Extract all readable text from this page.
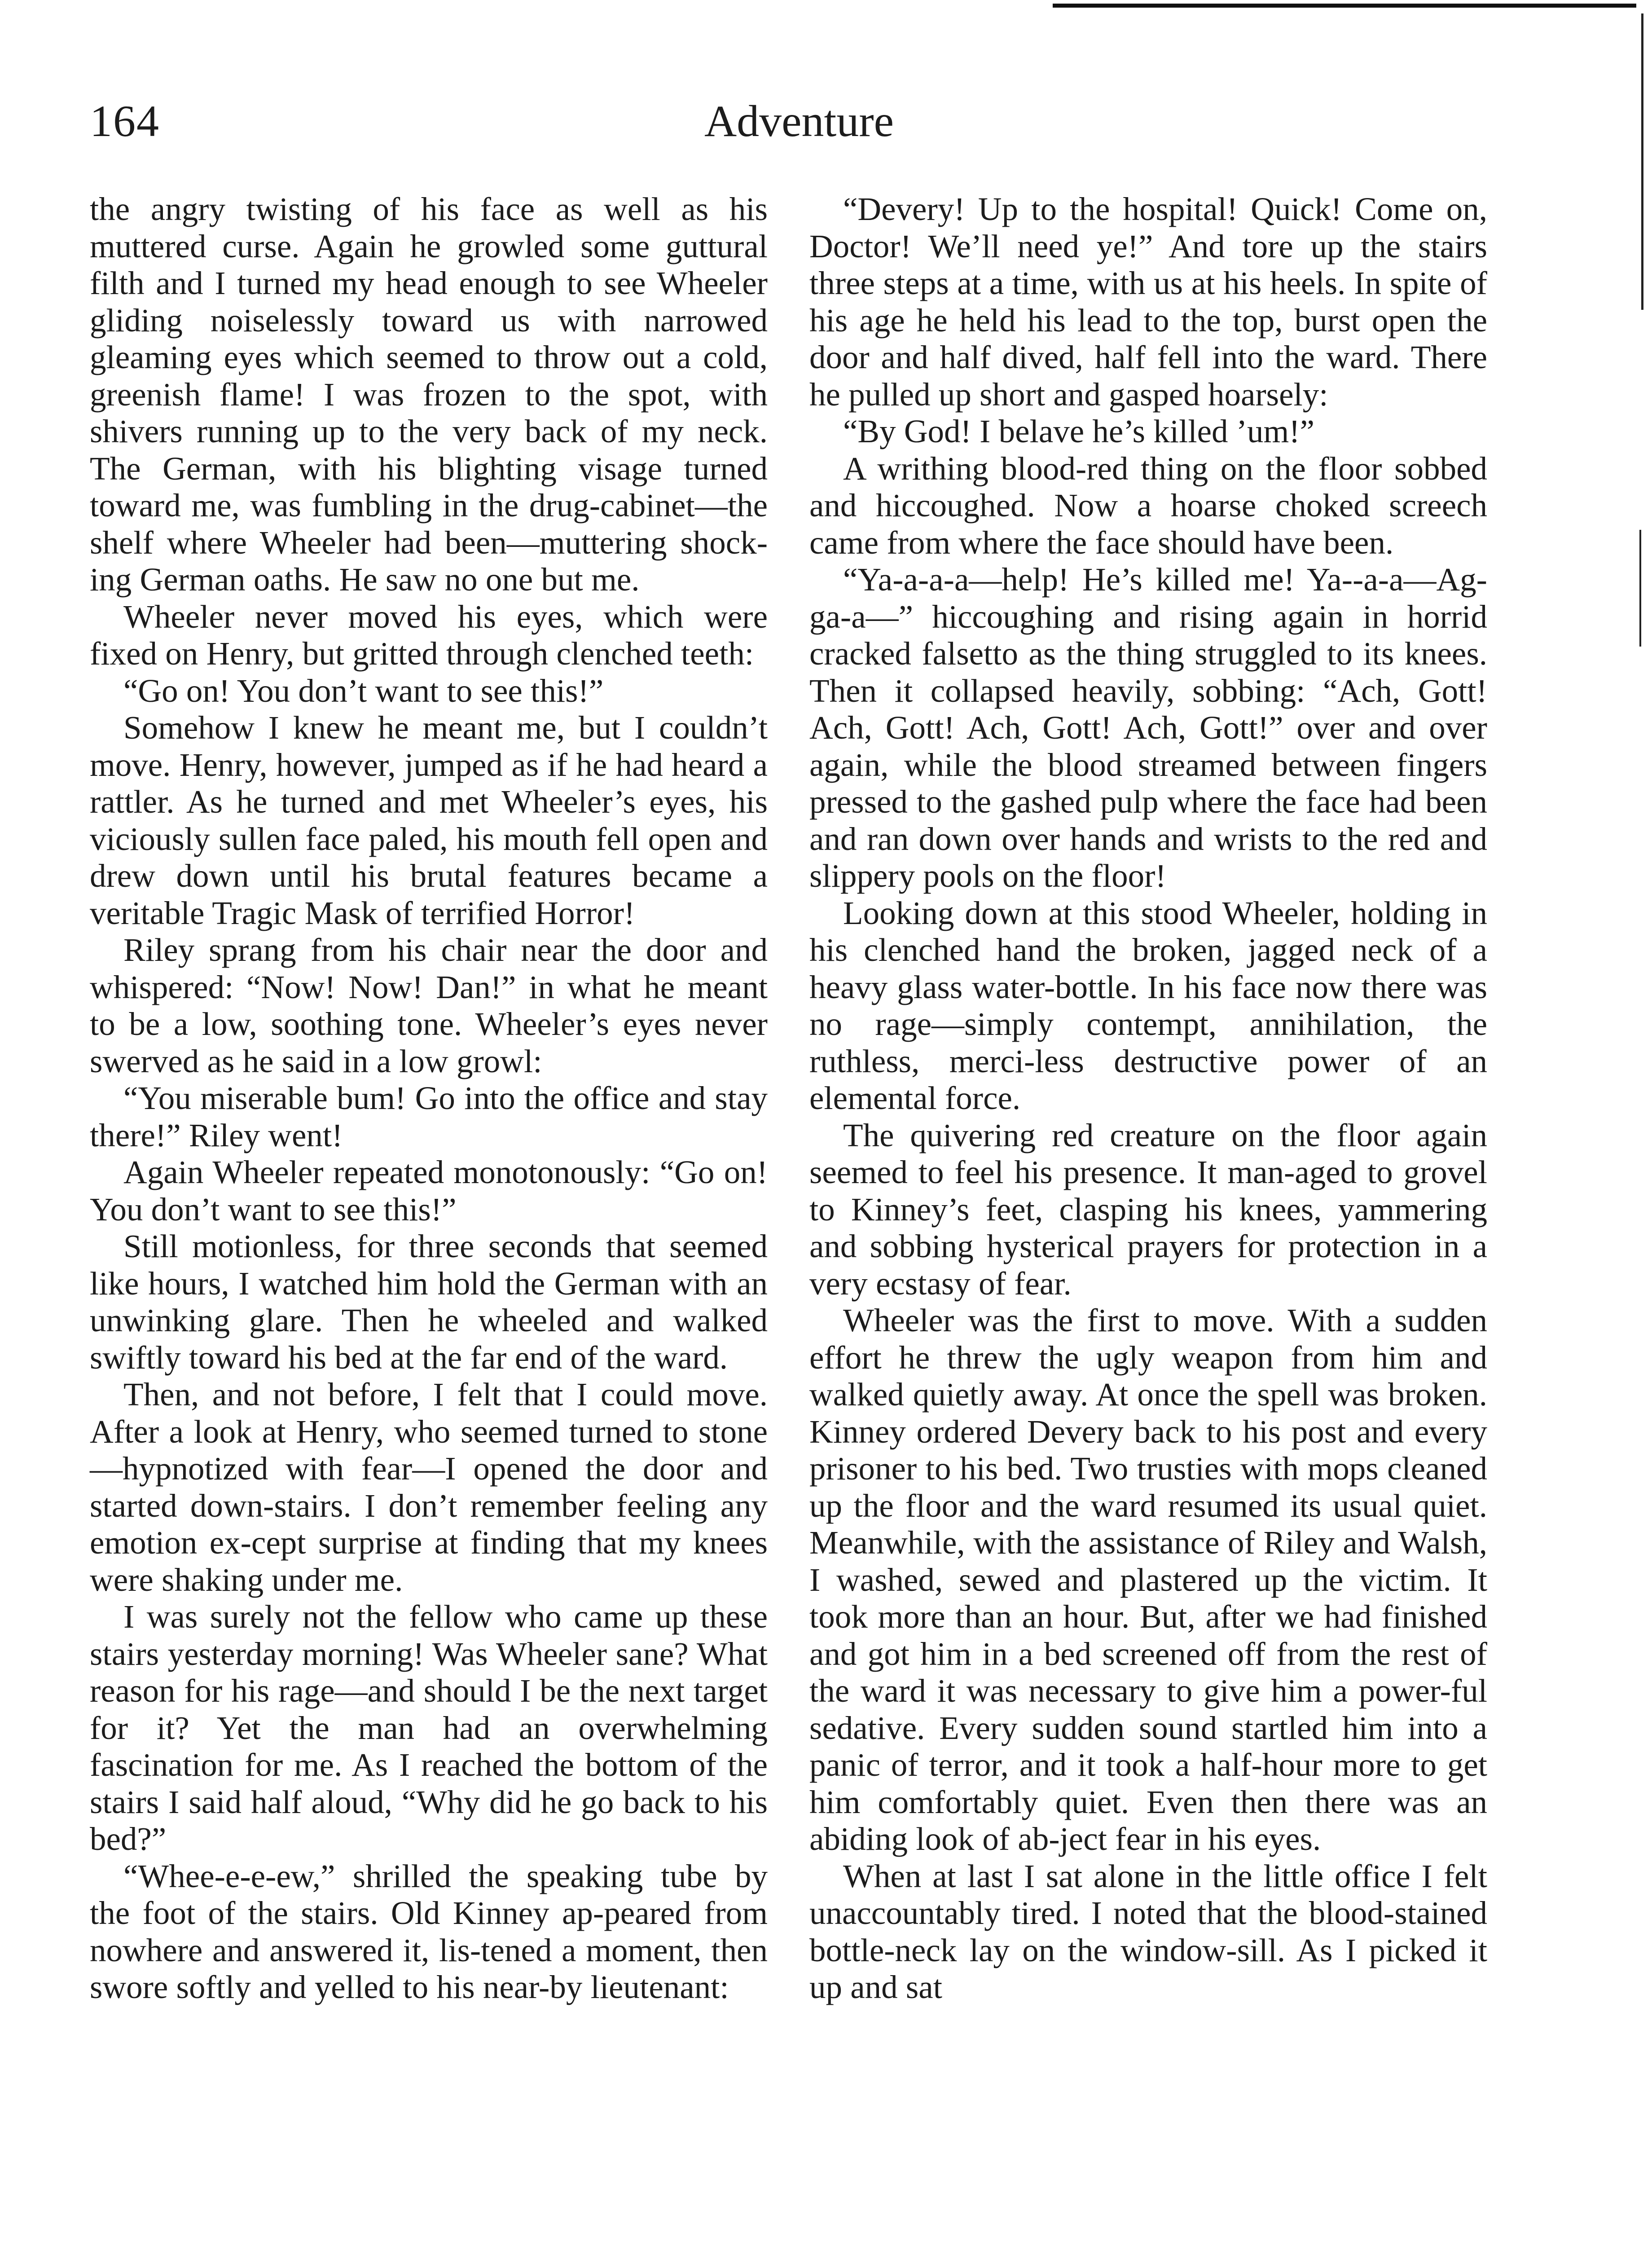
164	Adventure

the angry twisting of his face as well as his muttered curse. Again he growled some guttural filth and I turned my head enough to see Wheeler gliding noiselessly toward us with narrowed gleaming eyes which seemed to throw out a cold, greenish flame! I was frozen to the spot, with shivers running up to the very back of my neck. The German, with his blighting visage turned toward me, was fumbling in the drug-cabinet—the shelf where Wheeler had been—muttering shock-ing German oaths. He saw no one but me.

Wheeler never moved his eyes, which were fixed on Henry, but gritted through clenched teeth:

“Go on! You don’t want to see this!”

Somehow I knew he meant me, but I couldn’t move. Henry, however, jumped as if he had heard a rattler. As he turned and met Wheeler’s eyes, his viciously sullen face paled, his mouth fell open and drew down until his brutal features became a veritable Tragic Mask of terrified Horror!

Riley sprang from his chair near the door and whispered: “Now! Now! Dan!” in what he meant to be a low, soothing tone. Wheeler’s eyes never swerved as he said in a low growl:

“You miserable bum! Go into the office and stay there!” Riley went!

Again Wheeler repeated monotonously: “Go on! You don’t want to see this!”

Still motionless, for three seconds that seemed like hours, I watched him hold the German with an unwinking glare. Then he wheeled and walked swiftly toward his bed at the far end of the ward.

Then, and not before, I felt that I could move. After a look at Henry, who seemed turned to stone—hypnotized with fear—I opened the door and started down-stairs. I don’t remember feeling any emotion ex-cept surprise at finding that my knees were shaking under me.

I was surely not the fellow who came up these stairs yesterday morning! Was Wheeler sane? What reason for his rage—and should I be the next target for it? Yet the man had an overwhelming fascination for me. As I reached the bottom of the stairs I said half aloud, “Why did he go back to his bed?”

“Whee-e-e-ew,” shrilled the speaking tube by the foot of the stairs. Old Kinney ap-peared from nowhere and answered it, lis-tened a moment, then swore softly and yelled to his near-by lieutenant:

“Devery! Up to the hospital! Quick! Come on, Doctor! We’ll need ye!” And tore up the stairs three steps at a time, with us at his heels. In spite of his age he held his lead to the top, burst open the door and half dived, half fell into the ward. There he pulled up short and gasped hoarsely:

“By God! I belave he’s killed ’um!”

A writhing blood-red thing on the floor sobbed and hiccoughed. Now a hoarse choked screech came from where the face should have been.

“Ya-a-a-a—help! He’s killed me! Ya--a-a—Ag-ga-a—” hiccoughing and rising again in horrid cracked falsetto as the thing struggled to its knees. Then it collapsed heavily, sobbing: “Ach, Gott! Ach, Gott! Ach, Gott! Ach, Gott!” over and over again, while the blood streamed between fingers pressed to the gashed pulp where the face had been and ran down over hands and wrists to the red and slippery pools on the floor!

Looking down at this stood Wheeler, holding in his clenched hand the broken, jagged neck of a heavy glass water-bottle. In his face now there was no rage—simply contempt, annihilation, the ruthless, merci-less destructive power of an elemental force.

The quivering red creature on the floor again seemed to feel his presence. It man-aged to grovel to Kinney’s feet, clasping his knees, yammering and sobbing hysterical prayers for protection in a very ecstasy of fear.

Wheeler was the first to move. With a sudden effort he threw the ugly weapon from him and walked quietly away. At once the spell was broken. Kinney ordered Devery back to his post and every prisoner to his bed. Two trusties with mops cleaned up the floor and the ward resumed its usual quiet. Meanwhile, with the assistance of Riley and Walsh, I washed, sewed and plastered up the victim. It took more than an hour. But, after we had finished and got him in a bed screened off from the rest of the ward it was necessary to give him a power-ful sedative. Every sudden sound startled him into a panic of terror, and it took a half-hour more to get him comfortably quiet. Even then there was an abiding look of ab-ject fear in his eyes.

When at last I sat alone in the little office I felt unaccountably tired. I noted that the blood-stained bottle-neck lay on the window-sill. As I picked it up and sat
